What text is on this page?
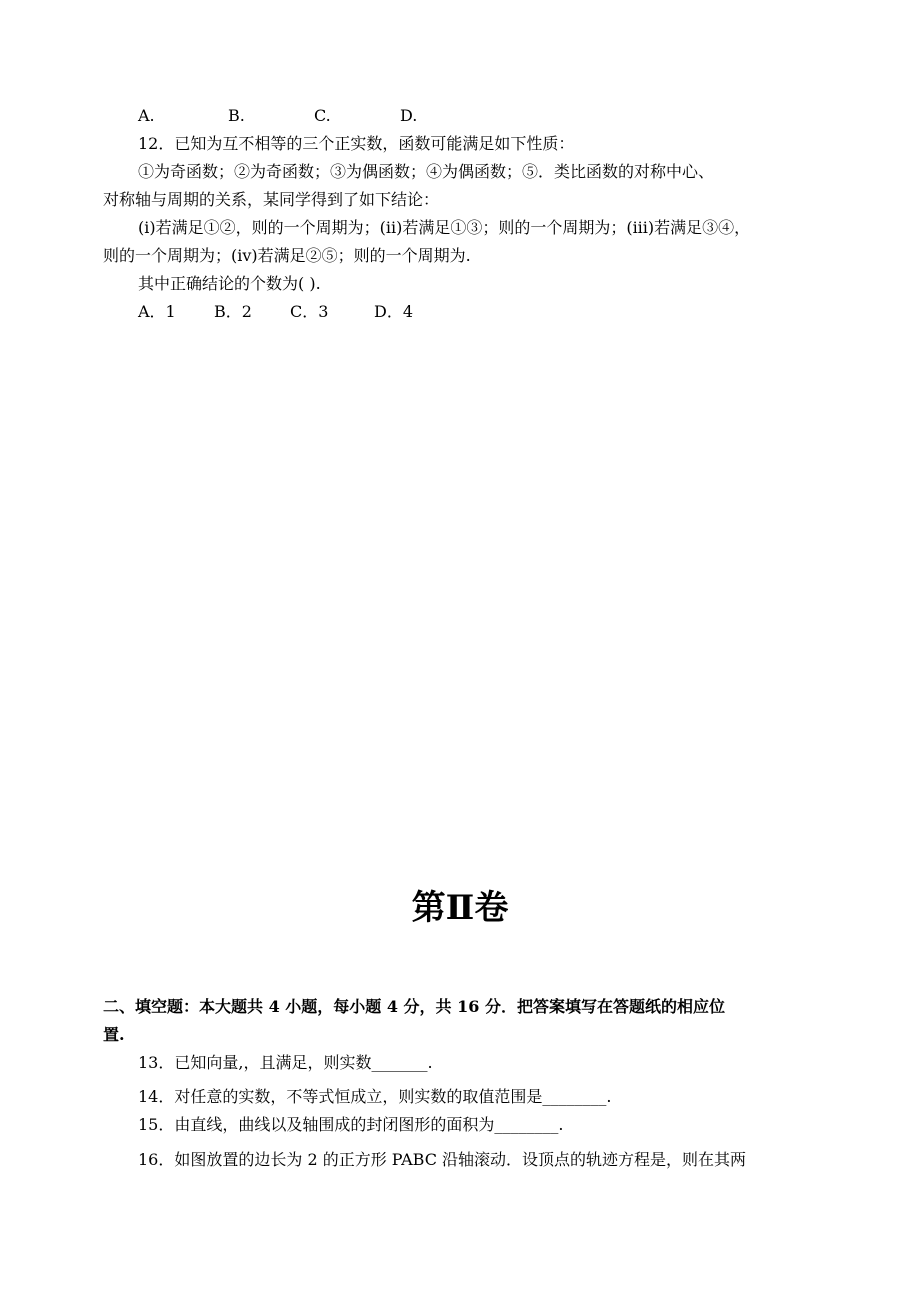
A.	B.	C.	D.
12．已知为互不相等的三个正实数，函数可能满足如下性质：
①为奇函数；②为奇函数；③为偶函数；④为偶函数；⑤．类比函数的对称中心、
对称轴与周期的关系，某同学得到了如下结论：
(i)若满足①②，则的一个周期为；(ii)若满足①③；则的一个周期为；(iii)若满足③④，
则的一个周期为；(iv)若满足②⑤；则的一个周期为.
其中正确结论的个数为( ).
A．1 B．2 C．3	D．4
第Ⅱ卷
二、填空题：本大题共 4 小题，每小题 4 分，共 16 分．把答案填写在答题纸的相应位
置.
13．已知向量,，且满足，则实数_______.
14．对任意的实数，不等式恒成立，则实数的取值范围是________.
15．由直线，曲线以及轴围成的封闭图形的面积为________.
16．如图放置的边长为 2 的正方形 PABC 沿轴滚动．设顶点的轨迹方程是，则在其两
